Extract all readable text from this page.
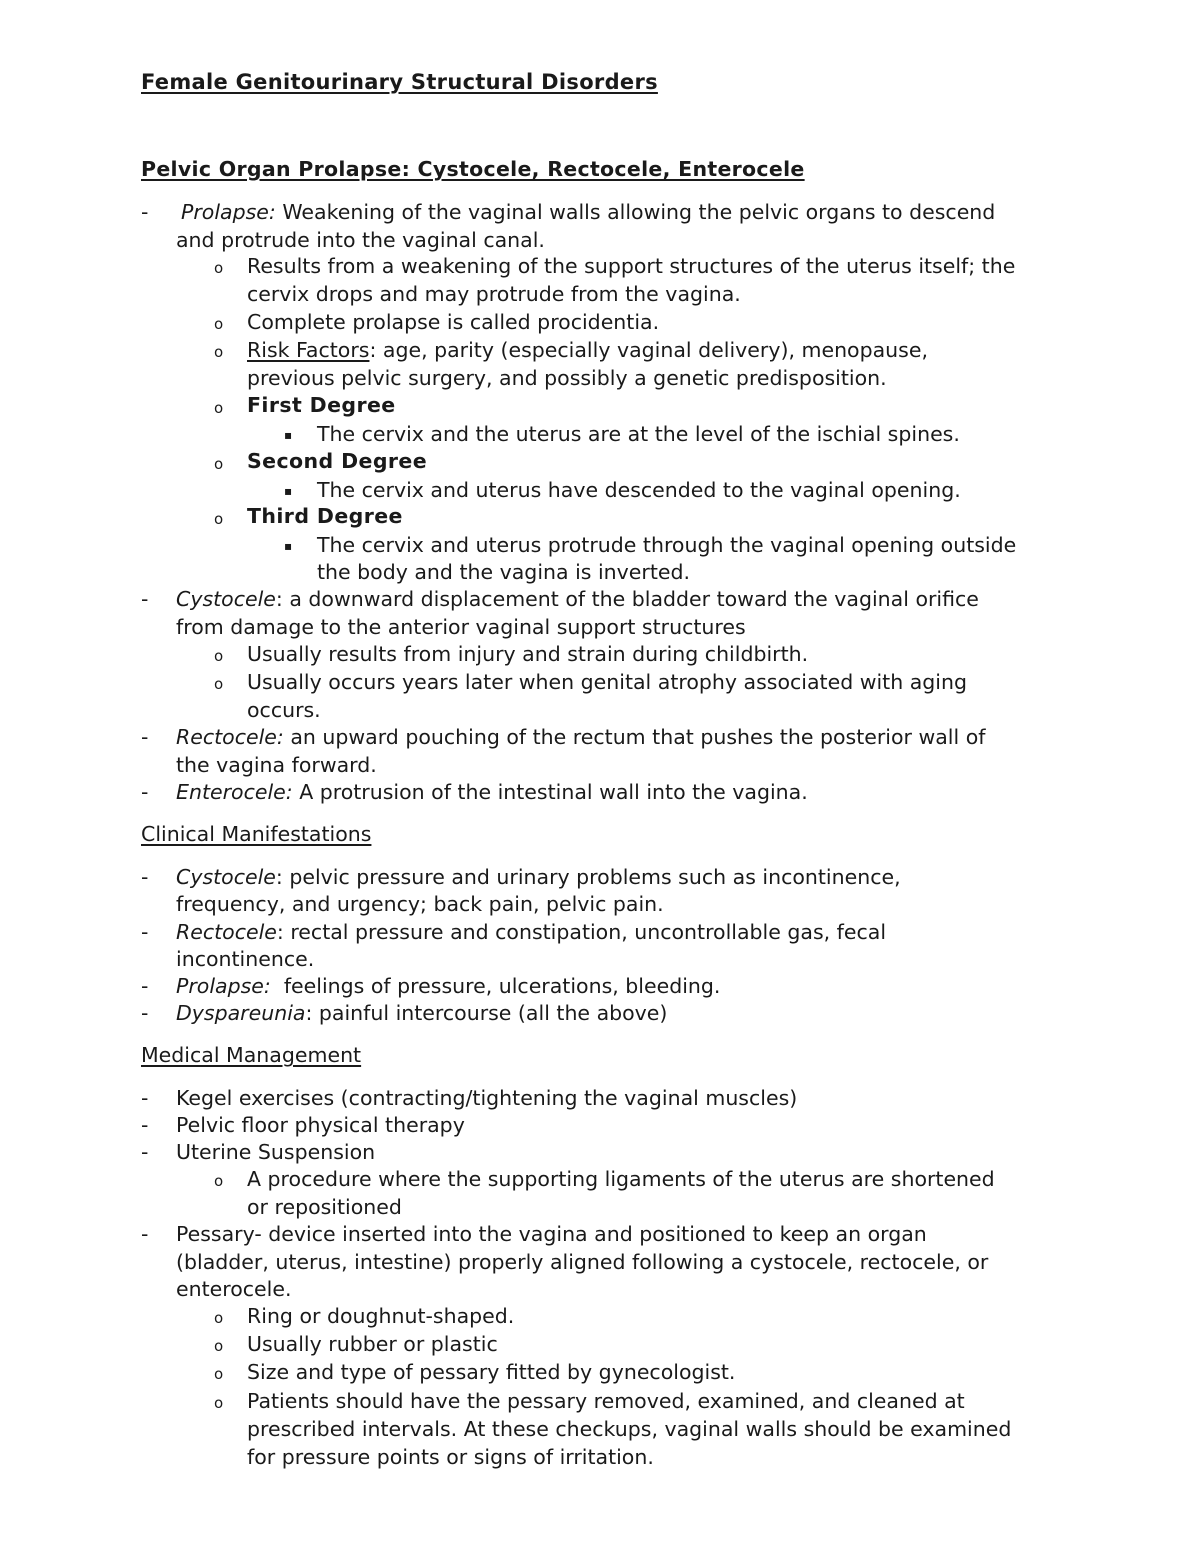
Female Genitourinary Structural Disorders
Pelvic Organ Prolapse: Cystocele, Rectocele, Enterocele
-	Prolapse: Weakening of the vaginal walls allowing the pelvic organs to descend
and protrude into the vaginal canal.
o	Results from a weakening of the support structures of the uterus itself; the
cervix drops and may protrude from the vagina.
o	Complete prolapse is called procidentia.
o	Risk Factors: age, parity (especially vaginal delivery), menopause,
previous pelvic surgery, and possibly a genetic predisposition.
o	First Degree
▪ The cervix and the uterus are at the level of the ischial spines.
o	Second Degree
▪ The cervix and uterus have descended to the vaginal opening.
o	Third Degree
▪ The cervix and uterus protrude through the vaginal opening outside
the body and the vagina is inverted.
-	Cystocele: a downward displacement of the bladder toward the vaginal orifice
from damage to the anterior vaginal support structures
o	Usually results from injury and strain during childbirth.
o	Usually occurs years later when genital atrophy associated with aging
occurs.
-	Rectocele: an upward pouching of the rectum that pushes the posterior wall of
the vagina forward.
-	Enterocele: A protrusion of the intestinal wall into the vagina.
Clinical Manifestations
-	Cystocele: pelvic pressure and urinary problems such as incontinence,
frequency, and urgency; back pain, pelvic pain.
-	Rectocele: rectal pressure and constipation, uncontrollable gas, fecal
incontinence.
-	Prolapse:  feelings of pressure, ulcerations, bleeding.
-	Dyspareunia: painful intercourse (all the above)
Medical Management
-	Kegel exercises (contracting/tightening the vaginal muscles)
-	Pelvic floor physical therapy
-	Uterine Suspension
o	A procedure where the supporting ligaments of the uterus are shortened
or repositioned
-	Pessary- device inserted into the vagina and positioned to keep an organ
(bladder, uterus, intestine) properly aligned following a cystocele, rectocele, or
enterocele.
o	Ring or doughnut-shaped.
o	Usually rubber or plastic
o	Size and type of pessary fitted by gynecologist.
o	Patients should have the pessary removed, examined, and cleaned at
prescribed intervals. At these checkups, vaginal walls should be examined
for pressure points or signs of irritation.
